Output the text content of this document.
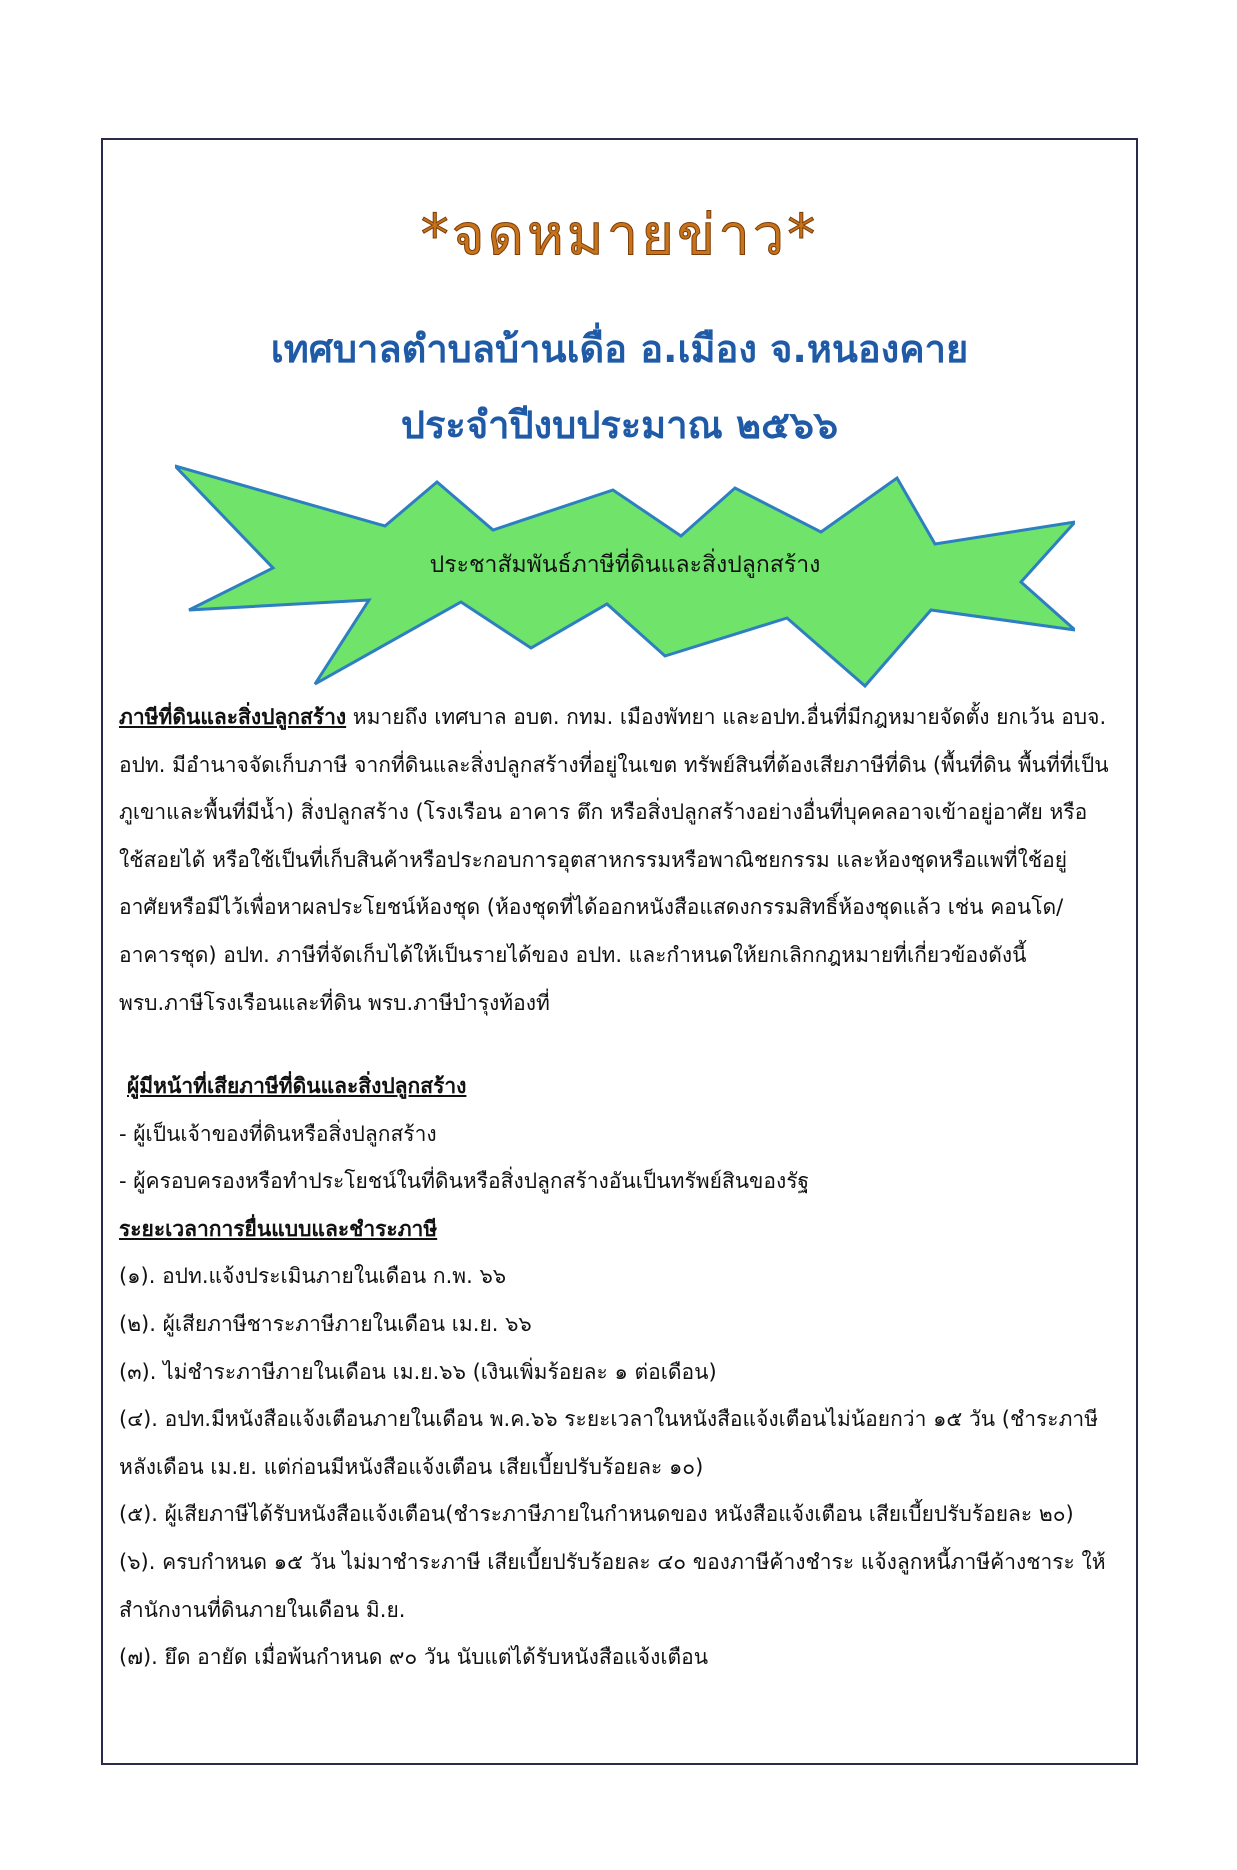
*จดหมายข่าว*
เทศบาลตำบลบ้านเดื่อ อ.เมือง จ.หนองคาย
ประจำปีงบประมาณ ๒๕๖๖
ประชาสัมพันธ์ภาษีที่ดินและสิ่งปลูกสร้าง
ภาษีที่ดินและสิ่งปลูกสร้าง หมายถึง เทศบาล อบต. กทม. เมืองพัทยา และอปท.อื่นที่มีกฎหมายจัดตั้ง ยกเว้น อบจ. อปท. มีอำนาจจัดเก็บภาษี จากที่ดินและสิ่งปลูกสร้างที่อยู่ในเขต ทรัพย์สินที่ต้องเสียภาษีที่ดิน (พื้นที่ดิน พื้นที่ที่เป็นภูเขาและพื้นที่มีน้ำ) สิ่งปลูกสร้าง (โรงเรือน อาคาร ตึก หรือสิ่งปลูกสร้างอย่างอื่นที่บุคคลอาจเข้าอยู่อาศัย หรือใช้สอยได้ หรือใช้เป็นที่เก็บสินค้าหรือประกอบการอุตสาหกรรมหรือพาณิชยกรรม และห้องชุดหรือแพที่ใช้อยู่ อาศัยหรือมีไว้เพื่อหาผลประโยชน์ห้องชุด (ห้องชุดที่ได้ออกหนังสือแสดงกรรมสิทธิ์ห้องชุดแล้ว เช่น คอนโด/อาคารชุด) อปท. ภาษีที่จัดเก็บได้ให้เป็นรายได้ของ อปท. และกำหนดให้ยกเลิกกฎหมายที่เกี่ยวข้องดังนี้ พรบ.ภาษีโรงเรือนและที่ดิน พรบ.ภาษีบำรุงท้องที่
ผู้มีหน้าที่เสียภาษีที่ดินและสิ่งปลูกสร้าง
- ผู้เป็นเจ้าของที่ดินหรือสิ่งปลูกสร้าง
- ผู้ครอบครองหรือทำประโยชน์ในที่ดินหรือสิ่งปลูกสร้างอันเป็นทรัพย์สินของรัฐ
ระยะเวลาการยื่นแบบและชำระภาษี
(๑). อปท.แจ้งประเมินภายในเดือน ก.พ. ๖๖
(๒). ผู้เสียภาษีชาระภาษีภายในเดือน เม.ย. ๖๖
(๓). ไม่ชำระภาษีภายในเดือน เม.ย.๖๖ (เงินเพิ่มร้อยละ ๑ ต่อเดือน)
(๔). อปท.มีหนังสือแจ้งเตือนภายในเดือน พ.ค.๖๖ ระยะเวลาในหนังสือแจ้งเตือนไม่น้อยกว่า ๑๕ วัน (ชำระภาษี หลังเดือน เม.ย. แต่ก่อนมีหนังสือแจ้งเตือน เสียเบี้ยปรับร้อยละ ๑๐)
(๕). ผู้เสียภาษีได้รับหนังสือแจ้งเตือน(ชำระภาษีภายในกำหนดของ หนังสือแจ้งเตือน เสียเบี้ยปรับร้อยละ ๒๐)
(๖). ครบกำหนด ๑๕ วัน ไม่มาชำระภาษี เสียเบี้ยปรับร้อยละ ๔๐ ของภาษีค้างชำระ แจ้งลูกหนี้ภาษีค้างชาระ ให้ สำนักงานที่ดินภายในเดือน มิ.ย.
(๗). ยึด อายัด เมื่อพ้นกำหนด ๙๐ วัน นับแต่ได้รับหนังสือแจ้งเตือน
